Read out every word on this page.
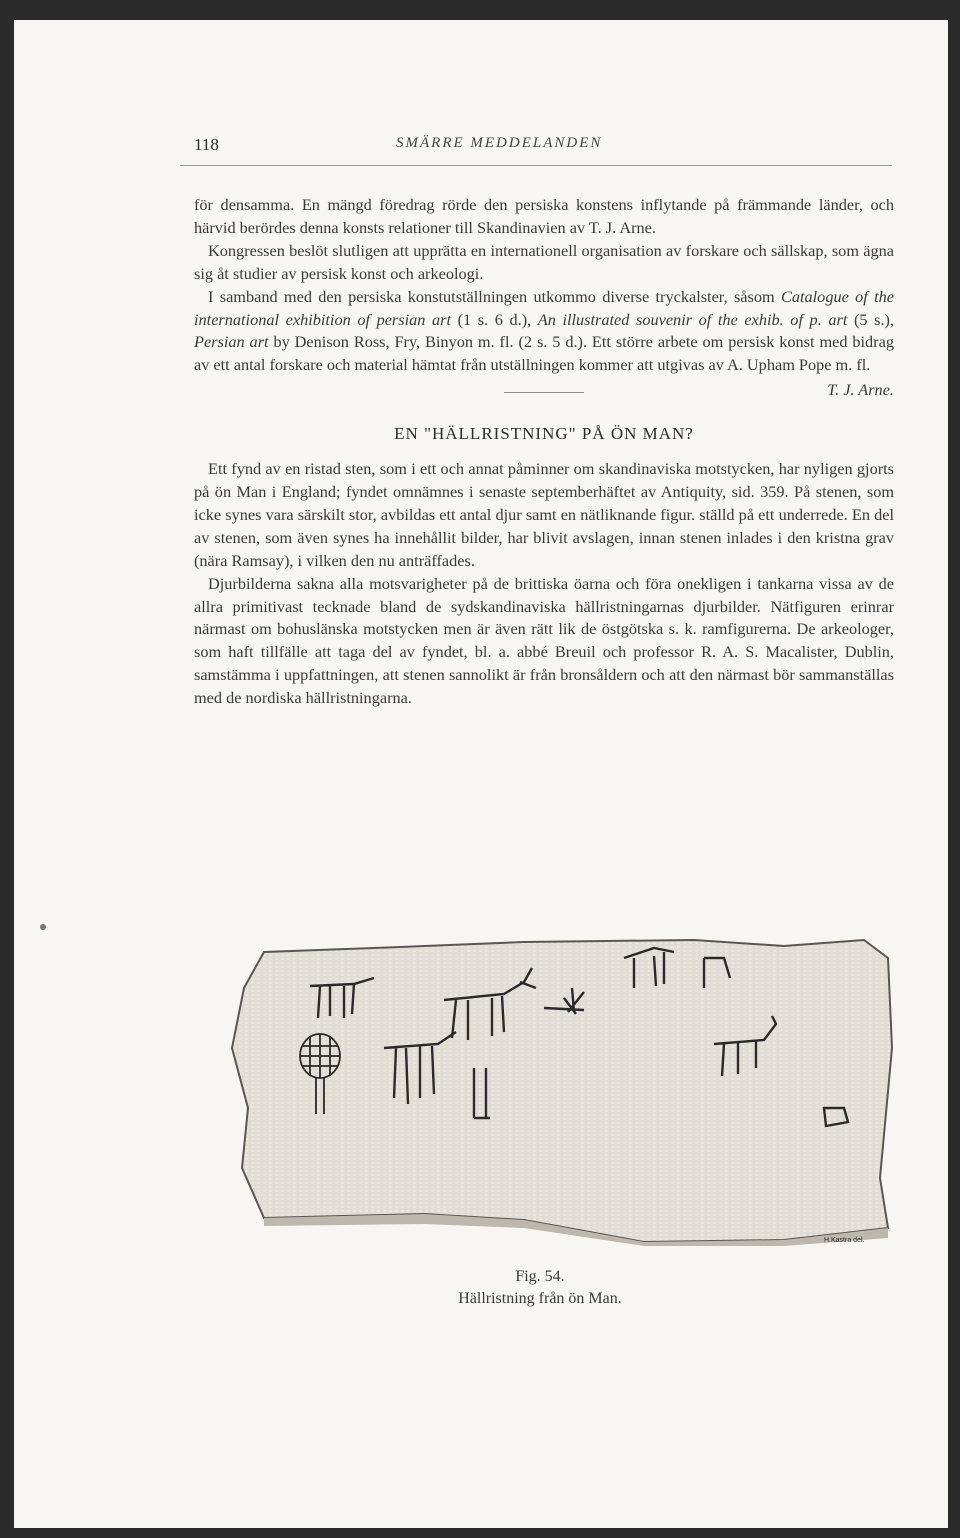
118	SMÄRRE MEDDELANDEN

för densamma. En mängd föredrag rörde den persiska konstens inflytande på främmande länder, och härvid berördes denna konsts relationer till Skandinavien av T. J. Arne.

Kongressen beslöt slutligen att upprätta en internationell organisation av forskare och sällskap, som ägna sig åt studier av persisk konst och arkeologi.

I samband med den persiska konstutställningen utkommo diverse tryckalster, såsom Catalogue of the international exhibition of persian art (1 s. 6 d.), An illustrated souvenir of the exhib. of p. art (5 s.), Persian art by Denison Ross, Fry, Binyon m. fl. (2 s. 5 d.). Ett större arbete om persisk konst med bidrag av ett antal forskare och material hämtat från utställningen kommer att utgivas av A. Upham Pope m. fl.

T. J. Arne.
EN "HÄLLRISTNING" PÅ ÖN MAN?

Ett fynd av en ristad sten, som i ett och annat påminner om skandinaviska motstycken, har nyligen gjorts på ön Man i England; fyndet omnämnes i senaste septemberhäftet av Antiquity, sid. 359. På stenen, som icke synes vara särskilt stor, avbildas ett antal djur samt en nätliknande figur. ställd på ett underrede. En del av stenen, som även synes ha innehållit bilder, har blivit avslagen, innan stenen inlades i den kristna grav (nära Ramsay), i vilken den nu anträffades.

Djurbilderna sakna alla motsvarigheter på de brittiska öarna och föra onekligen i tankarna vissa av de allra primitivast tecknade bland de sydskandinaviska hällristningarnas djurbilder. Nätfiguren erinrar närmast om bohuslänska motstycken men är även rätt lik de östgötska s. k. ramfigurerna. De arkeologer, som haft tillfälle att taga del av fyndet, bl. a. abbé Breuil och professor R. A. S. Macalister, Dublin, samstämma i uppfattningen, att stenen sannolikt är från bronsåldern och att den närmast bör sammanställas med de nordiska hällristningarna.

H.Kastra del.
Fig. 54.
Hällristning från ön Man.
